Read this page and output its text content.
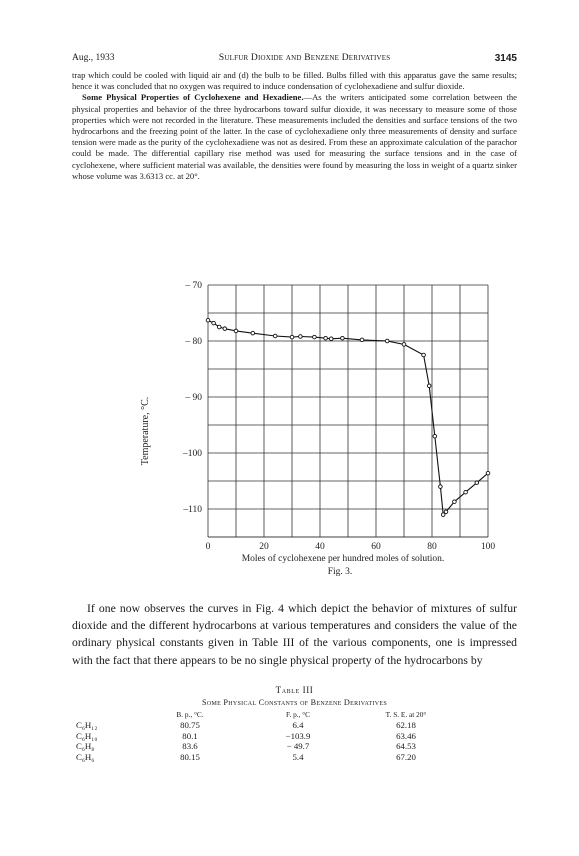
Aug., 1933	Sulfur Dioxide and Benzene Derivatives	3145

trap which could be cooled with liquid air and (d) the bulb to be filled. Bulbs filled with this apparatus gave the same results; hence it was concluded that no oxygen was required to induce condensation of cyclohexadiene and sulfur dioxide.
Some Physical Properties of Cyclohexene and Hexadiene.—As the writers anticipated some correlation between the physical properties and behavior of the three hydrocarbons toward sulfur dioxide, it was necessary to measure some of those properties which were not recorded in the literature. These measurements included the densities and surface tensions of the two hydrocarbons and the freezing point of the latter. In the case of cyclohexadiene only three measurements of density and surface tension were made as the purity of the cyclohexadiene was not as desired. From these an approximate calculation of the parachor could be made. The differential capillary rise method was used for measuring the surface tensions and in the case of cyclohexene, where sufficient material was available, the densities were found by measuring the loss in weight of a quartz sinker whose volume was 3.6313 cc. at 20°.

– 70
– 80
– 90
–100
–110
0	20	40	60	80	100
Moles of cyclohexene per hundred moles of solution.
Fig. 3.
Temperature, °C.

If one now observes the curves in Fig. 4 which depict the behavior of mixtures of sulfur dioxide and the different hydrocarbons at various temperatures and considers the value of the ordinary physical constants given in Table III of the various components, one is impressed with the fact that there appears to be no single physical property of the hydrocarbons by

Table III
Some Physical Constants of Benzene Derivatives
	B. p., °C.	F. p., °C	T. S. E. at 20°
C₆H₁₂	80.75	6.4	62.18
C₆H₁₀	80.1	−103.9	63.46
C₆H₈	83.6	− 49.7	64.53
C₆H₆	80.15	5.4	67.20
